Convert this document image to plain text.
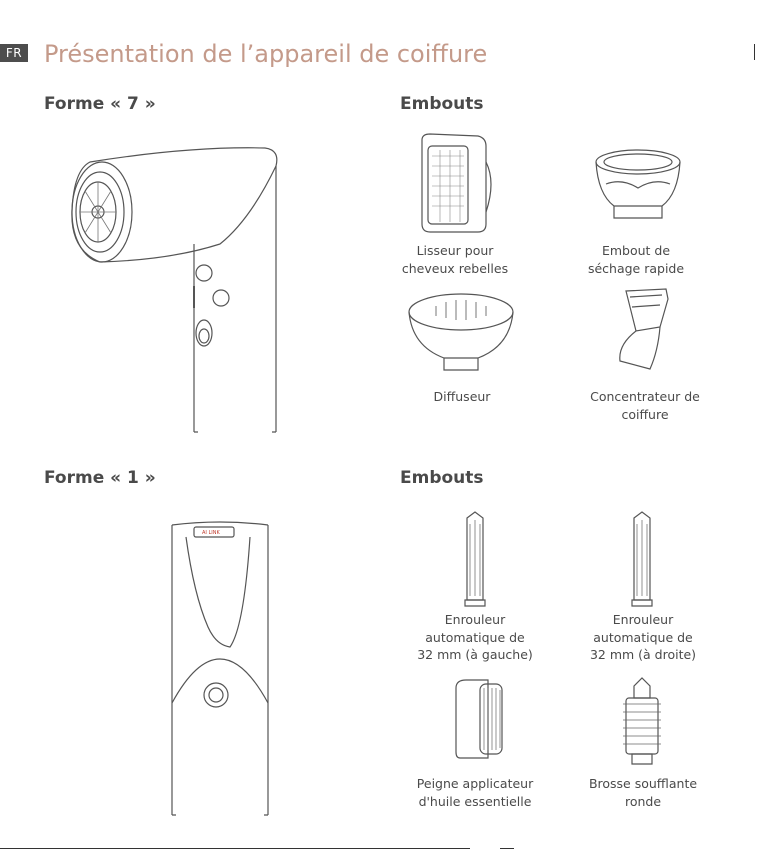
FR Présentation de l’appareil de coiffure
Forme « 7 »	Embouts
Forme « 1 »	Embouts
Lisseur pour
cheveux rebelles
Embout de
séchage rapide
Diffuseur	Concentrateur de
coiffure
AI LINK
Enrouleur
automatique de
32 mm (à gauche)
Enrouleur
automatique de
32 mm (à droite)
Peigne applicateur
d'huile essentielle
Brosse soufflante
ronde
